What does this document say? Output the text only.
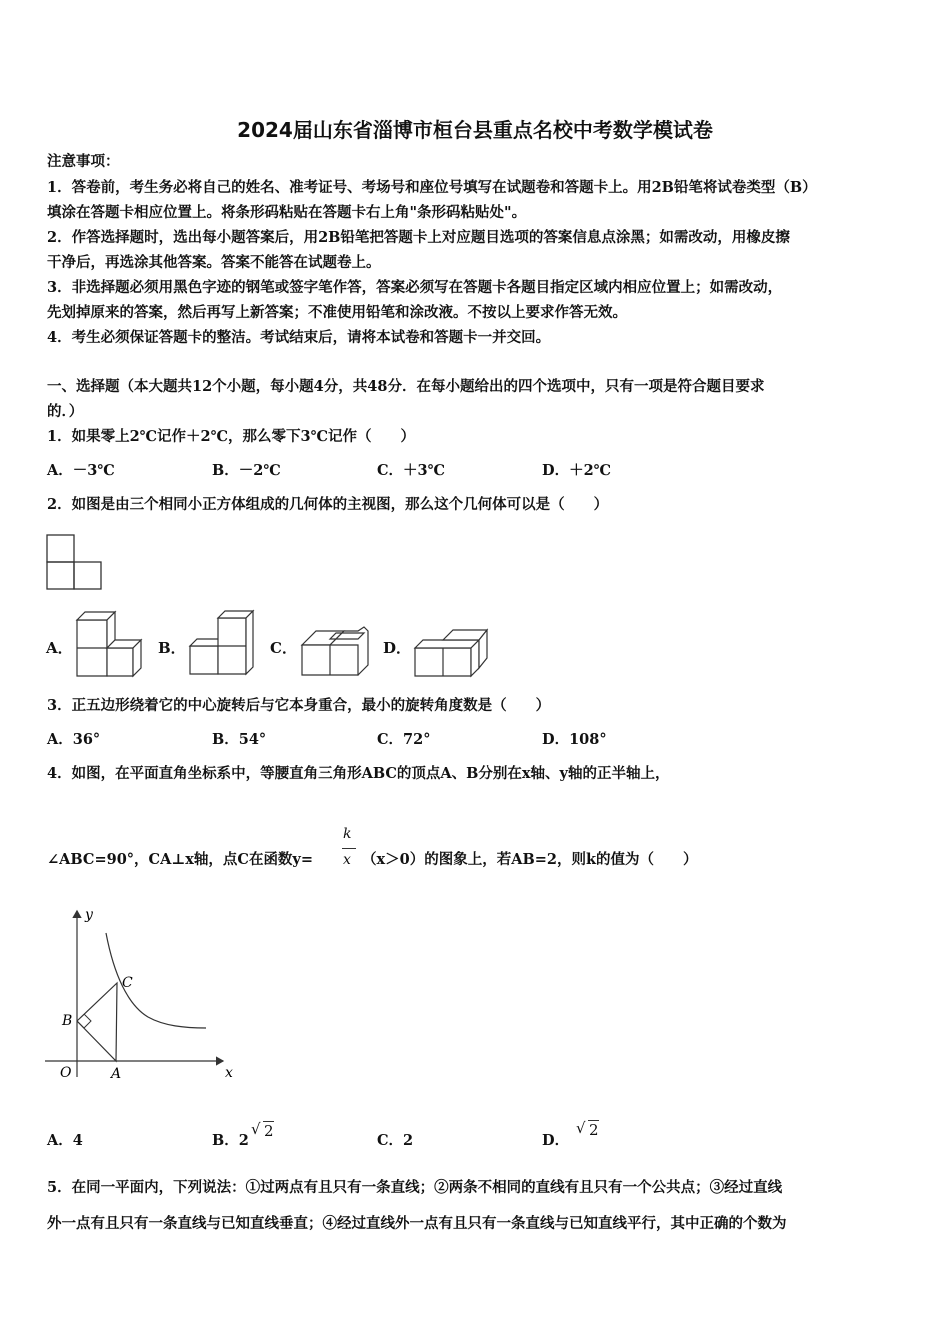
2024届山东省淄博市桓台县重点名校中考数学模试卷
注意事项：
1．答卷前，考生务必将自己的姓名、准考证号、考场号和座位号填写在试题卷和答题卡上。用2B铅笔将试卷类型（B）
填涂在答题卡相应位置上。将条形码粘贴在答题卡右上角"条形码粘贴处"。
2．作答选择题时，选出每小题答案后，用2B铅笔把答题卡上对应题目选项的答案信息点涂黑；如需改动，用橡皮擦
干净后，再选涂其他答案。答案不能答在试题卷上。
3．非选择题必须用黑色字迹的钢笔或签字笔作答，答案必须写在答题卡各题目指定区域内相应位置上；如需改动，
先划掉原来的答案，然后再写上新答案；不准使用铅笔和涂改液。不按以上要求作答无效。
4．考生必须保证答题卡的整洁。考试结束后，请将本试卷和答题卡一并交回。
一、选择题（本大题共12个小题，每小题4分，共48分．在每小题给出的四个选项中，只有一项是符合题目要求
的．）
1．如果零上2℃记作＋2℃，那么零下3℃记作（　　）
A．－3℃	B．－2℃	C．＋3℃	D．＋2℃
2．如图是由三个相同小正方体组成的几何体的主视图，那么这个几何体可以是（　　）
A．	B．	C．	D．
3．正五边形绕着它的中心旋转后与它本身重合，最小的旋转角度数是（　　）
A．36°	B．54°	C．72°	D．108°
4．如图，在平面直角坐标系中，等腰直角三角形ABC的顶点A、B分别在x轴、y轴的正半轴上，
∠ABC=90°，CA⊥x轴，点C在函数y=
k
x （x＞0）的图象上，若AB=2，则k的值为（　　）
y
x
O	A
B
C
A．4	B．2
√ 2
C．2	D．
√ 2
5．在同一平面内，下列说法：①过两点有且只有一条直线；②两条不相同的直线有且只有一个公共点；③经过直线
外一点有且只有一条直线与已知直线垂直；④经过直线外一点有且只有一条直线与已知直线平行，其中正确的个数为
